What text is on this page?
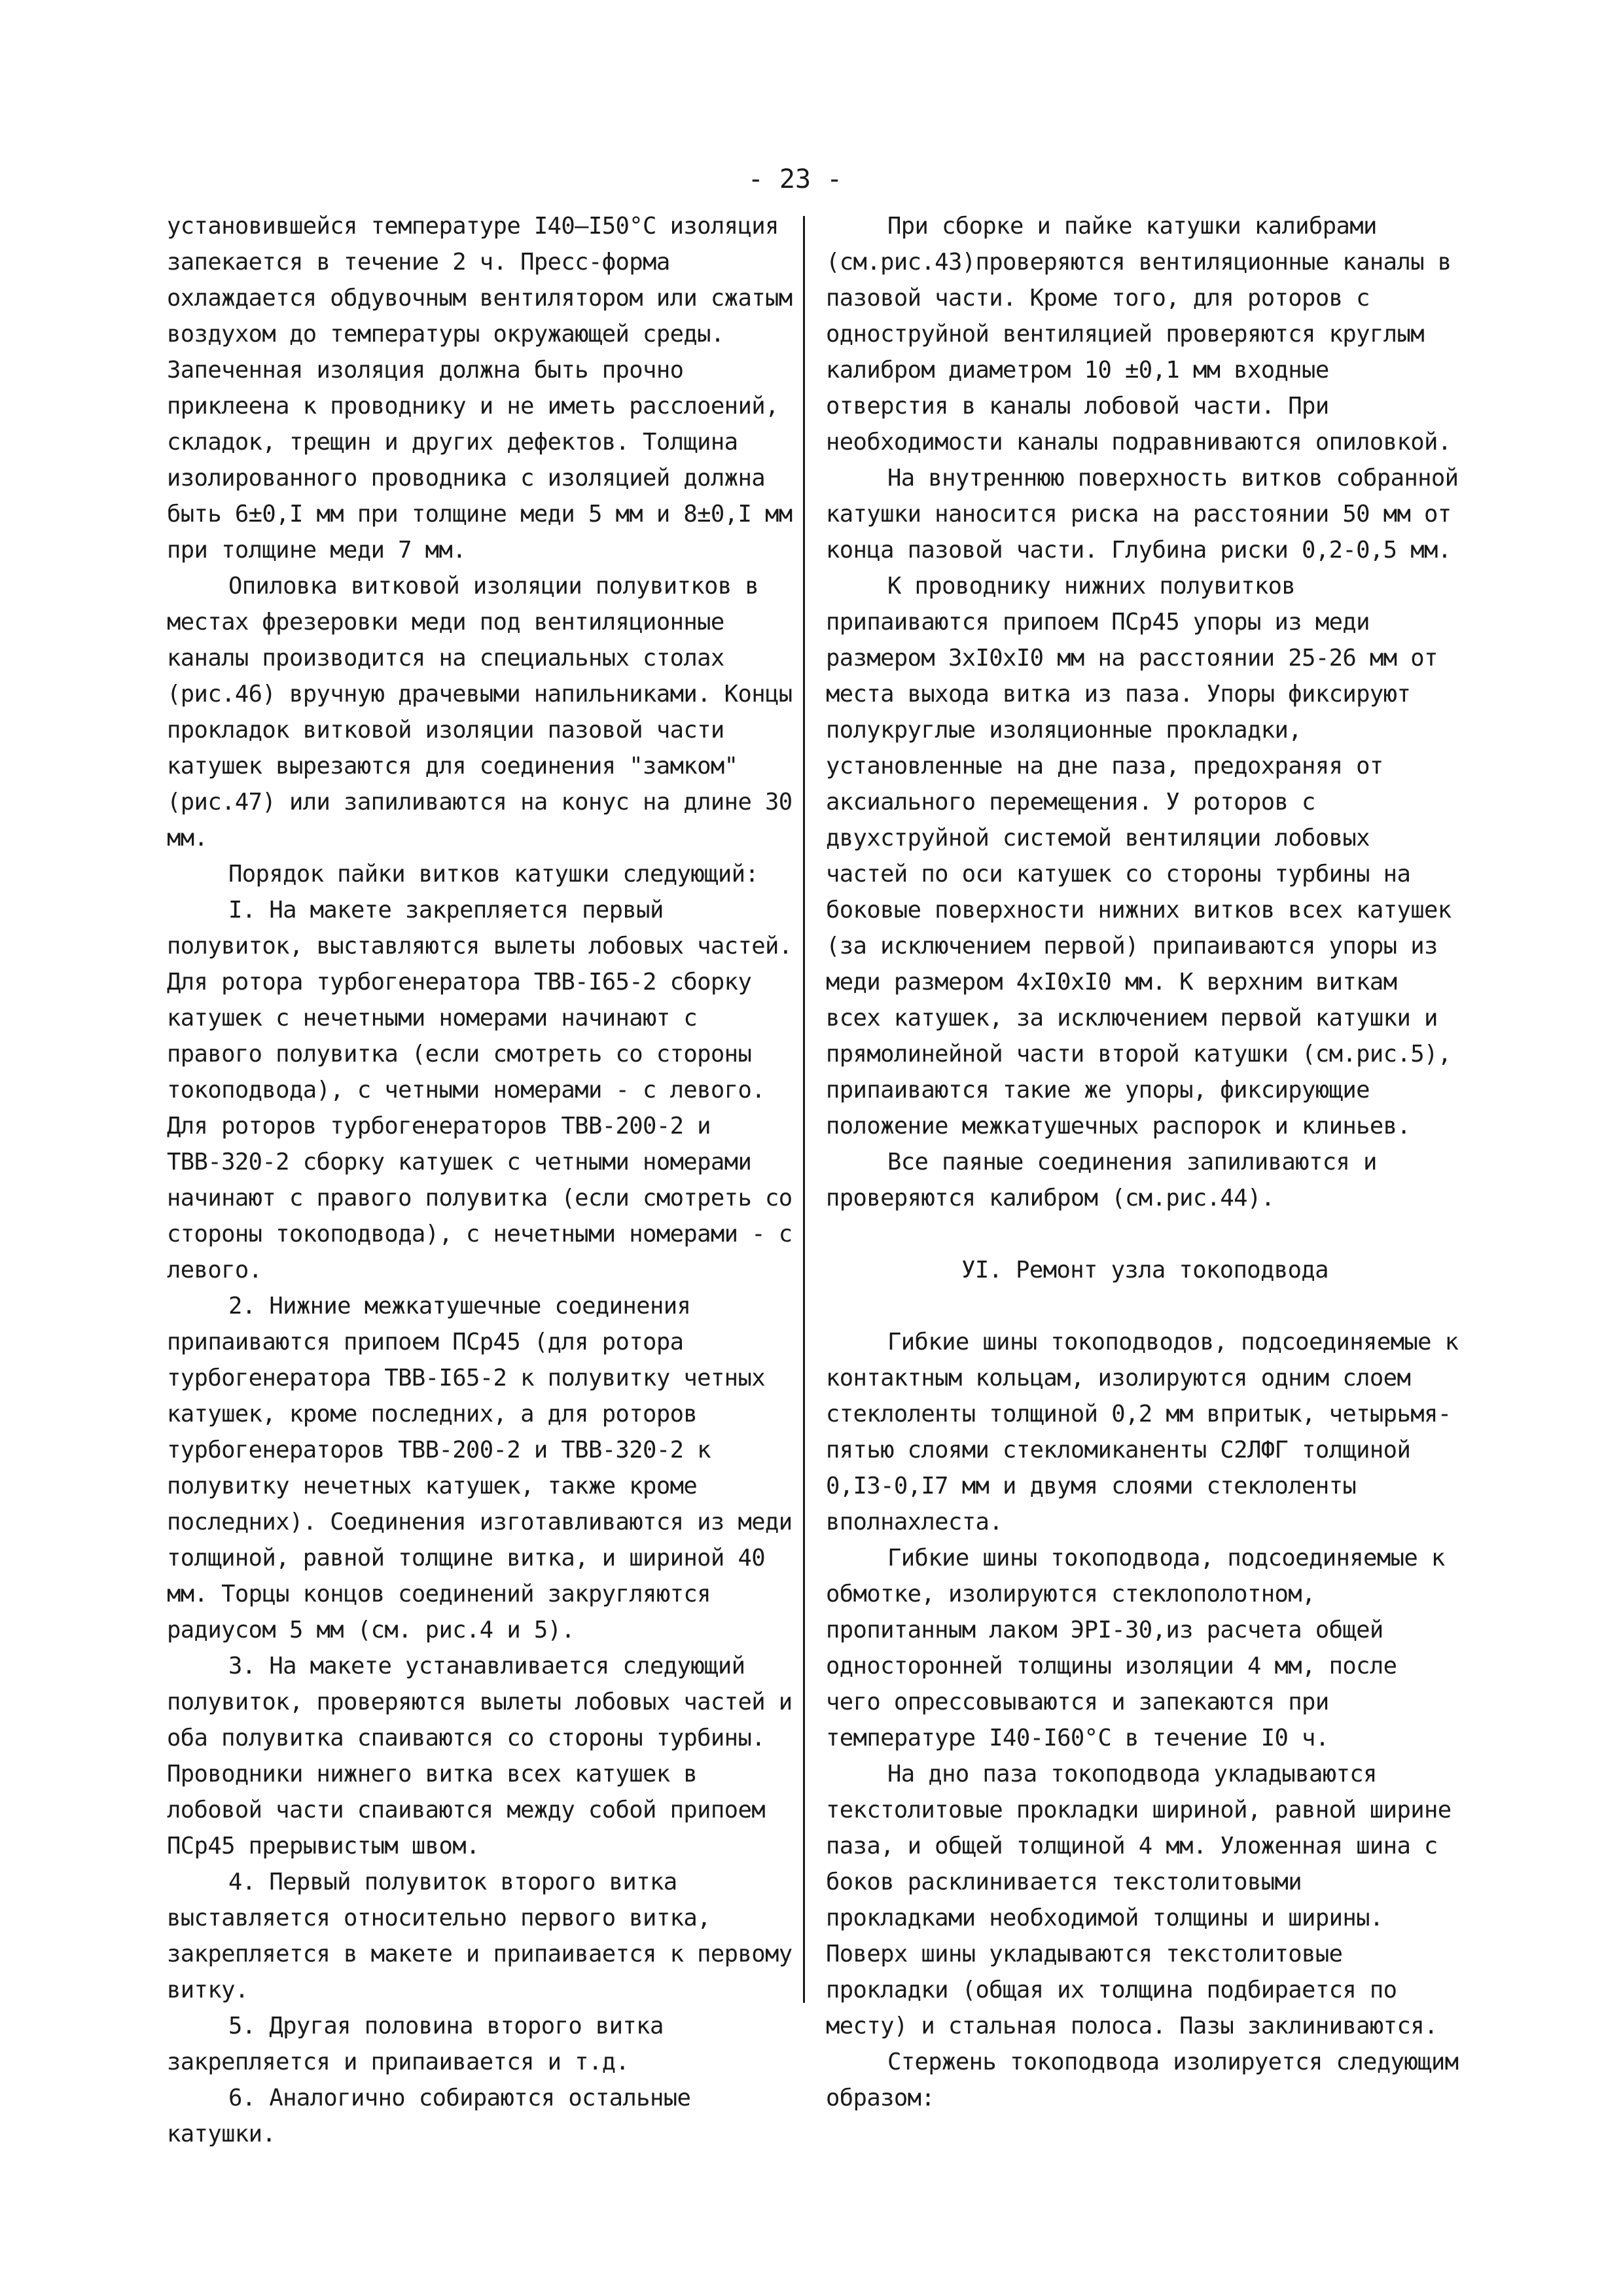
- 23 -

установившейся температуре I40–I50°C изоляция запекается в течение 2 ч. Пресс-форма охлаждается обдувочным вентилятором или сжатым воздухом до температуры окружающей среды. Запеченная изоляция должна быть прочно приклеена к проводнику и не иметь расслоений, складок, трещин и других дефектов. Толщина изолированного проводника с изоляцией должна быть 6±0,I мм при толщине меди 5 мм и 8±0,I мм при толщине меди 7 мм.

Опиловка витковой изоляции полувитков в местах фрезеровки меди под вентиляционные каналы производится на специальных столах (рис.46) вручную драчевыми напильниками. Концы прокладок витковой изоляции пазовой части катушек вырезаются для соединения "замком" (рис.47) или запиливаются на конус на длине 30 мм.

Порядок пайки витков катушки следующий:

I. На макете закрепляется первый полувиток, выставляются вылеты лобовых частей. Для ротора турбогенератора ТВВ-I65-2 сборку катушек с нечетными номерами начинают с правого полувитка (если смотреть со стороны токоподвода), с четными номерами - с левого. Для роторов турбогенераторов ТВВ-200-2 и ТВВ-320-2 сборку катушек с четными номерами начинают с правого полувитка (если смотреть со стороны токоподвода), с нечетными номерами - с левого.

2. Нижние межкатушечные соединения припаиваются припоем ПСр45 (для ротора турбогенератора ТВВ-I65-2 к полувитку четных катушек, кроме последних, а для роторов турбогенераторов ТВВ-200-2 и ТВВ-320-2 к полувитку нечетных катушек, также кроме последних). Соединения изготавливаются из меди толщиной, равной толщине витка, и шириной 40 мм. Торцы концов соединений закругляются радиусом 5 мм (см. рис.4 и 5).

3. На макете устанавливается следующий полувиток, проверяются вылеты лобовых частей и оба полувитка спаиваются со стороны турбины. Проводники нижнего витка всех катушек в лобовой части спаиваются между собой припоем ПСр45 прерывистым швом.

4. Первый полувиток второго витка выставляется относительно первого витка, закрепляется в макете и припаивается к первому витку.

5. Другая половина второго витка закрепляется и припаивается и т.д.

6. Аналогично собираются остальные катушки.

При сборке и пайке катушки калибрами (см.рис.43)проверяются вентиляционные каналы в пазовой части. Кроме того, для роторов с одноструйной вентиляцией проверяются круглым калибром диаметром 10 ±0,1 мм входные отверстия в каналы лобовой части. При необходимости каналы подравниваются опиловкой.

На внутреннюю поверхность витков собранной катушки наносится риска на расстоянии 50 мм от конца пазовой части. Глубина риски 0,2-0,5 мм.

К проводнику нижних полувитков припаиваются припоем ПСр45 упоры из меди размером 3xI0xI0 мм на расстоянии 25-26 мм от места выхода витка из паза. Упоры фиксируют полукруглые изоляционные прокладки, установленные на дне паза, предохраняя от аксиального перемещения. У роторов с двухструйной системой вентиляции лобовых частей по оси катушек со стороны турбины на боковые поверхности нижних витков всех катушек (за исключением первой) припаиваются упоры из меди размером 4xI0xI0 мм. К верхним виткам всех катушек, за исключением первой катушки и прямолинейной части второй катушки (см.рис.5), припаиваются такие же упоры, фиксирующие положение межкатушечных распорок и клиньев.

Все паяные соединения запиливаются и проверяются калибром (см.рис.44).

УI. Ремонт узла токоподвода

Гибкие шины токоподводов, подсоединяемые к контактным кольцам, изолируются одним слоем стеклоленты толщиной 0,2 мм впритык, четырьмя-пятью слоями стекломиканенты С2ЛФГ толщиной 0,I3-0,I7 мм и двумя слоями стеклоленты вполнахлеста.

Гибкие шины токоподвода, подсоединяемые к обмотке, изолируются стеклополотном, пропитанным лаком ЭРI-30,из расчета общей односторонней толщины изоляции 4 мм, после чего опрессовываются и запекаются при температуре I40-I60°C в течение I0 ч.

На дно паза токоподвода укладываются текстолитовые прокладки шириной, равной ширине паза, и общей толщиной 4 мм. Уложенная шина с боков расклинивается текстолитовыми прокладками необходимой толщины и ширины. Поверх шины укладываются текстолитовые прокладки (общая их толщина подбирается по месту) и стальная полоса. Пазы заклиниваются.

Стержень токоподвода изолируется следующим образом:
